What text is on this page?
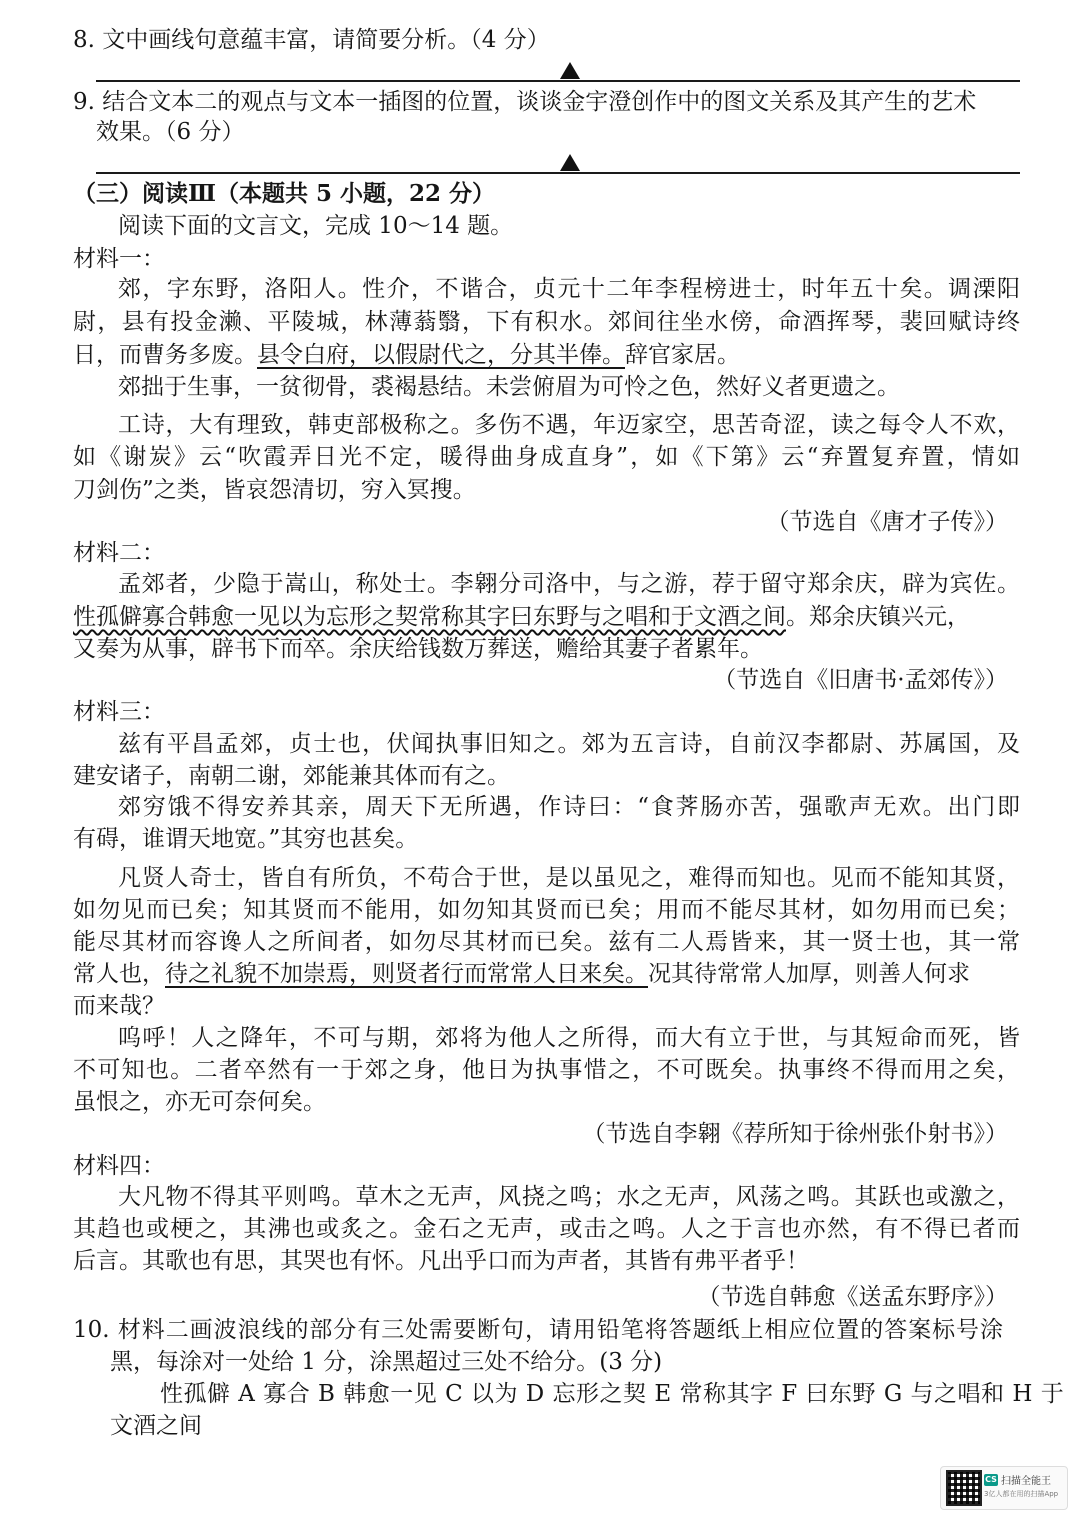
8. 文中画线句意蕴丰富，请简要分析。（4 分）
9. 结合文本二的观点与文本一插图的位置，谈谈金宇澄创作中的图文关系及其产生的艺术
效果。（6 分）
（三）阅读Ⅲ（本题共 5 小题，22 分）
阅读下面的文言文，完成 10～14 题。
材料一：
郊，字东野，洛阳人。性介，不谐合，贞元十二年李程榜进士，时年五十矣。调溧阳
尉，县有投金濑、平陵城，林薄蓊翳，下有积水。郊间往坐水傍，命酒挥琴，裴回赋诗终
日，而曹务多废。县令白府，以假尉代之，分其半俸。辞官家居。
郊拙于生事，一贫彻骨，裘褐悬结。未尝俯眉为可怜之色，然好义者更遗之。
工诗，大有理致，韩吏部极称之。多伤不遇，年迈家空，思苦奇涩，读之每令人不欢，
如《谢炭》云“吹霞弄日光不定，暖得曲身成直身”，如《下第》云“弃置复弃置，情如
刀剑伤”之类，皆哀怨清切，穷入冥搜。
（节选自《唐才子传》）
材料二：
孟郊者，少隐于嵩山，称处士。李翱分司洛中，与之游，荐于留守郑余庆，辟为宾佐。
性孤僻寡合韩愈一见以为忘形之契常称其字曰东野与之唱和于文酒之间。郑余庆镇兴元，
又奏为从事，辟书下而卒。余庆给钱数万葬送，赡给其妻子者累年。
（节选自《旧唐书·孟郊传》）
材料三：
兹有平昌孟郊，贞士也，伏闻执事旧知之。郊为五言诗，自前汉李都尉、苏属国，及
建安诸子，南朝二谢，郊能兼其体而有之。
郊穷饿不得安养其亲，周天下无所遇，作诗曰：“食荠肠亦苦，强歌声无欢。出门即
有碍，谁谓天地宽。”其穷也甚矣。
凡贤人奇士，皆自有所负，不苟合于世，是以虽见之，难得而知也。见而不能知其贤，
如勿见而已矣；知其贤而不能用，如勿知其贤而已矣；用而不能尽其材，如勿用而已矣；
能尽其材而容谗人之所间者，如勿尽其材而已矣。兹有二人焉皆来，其一贤士也，其一常
常人也，待之礼貌不加崇焉，则贤者行而常常人日来矣。况其待常常人加厚，则善人何求
而来哉？
呜呼！人之降年，不可与期，郊将为他人之所得，而大有立于世，与其短命而死，皆
不可知也。二者卒然有一于郊之身，他日为执事惜之，不可既矣。执事终不得而用之矣，
虽恨之，亦无可奈何矣。
（节选自李翱《荐所知于徐州张仆射书》）
材料四：
大凡物不得其平则鸣。草木之无声，风挠之鸣；水之无声，风荡之鸣。其跃也或激之，
其趋也或梗之，其沸也或炙之。金石之无声，或击之鸣。人之于言也亦然，有不得已者而
后言。其歌也有思，其哭也有怀。凡出乎口而为声者，其皆有弗平者乎！
（节选自韩愈《送孟东野序》）
10. 材料二画波浪线的部分有三处需要断句，请用铅笔将答题纸上相应位置的答案标号涂
黑，每涂对一处给 1 分，涂黑超过三处不给分。(3 分)
性孤僻 A 寡合 B 韩愈一见 C 以为 D 忘形之契 E 常称其字 F 曰东野 G 与之唱和 H 于
文酒之间
CS 扫描全能王
3亿人都在用的扫描App
